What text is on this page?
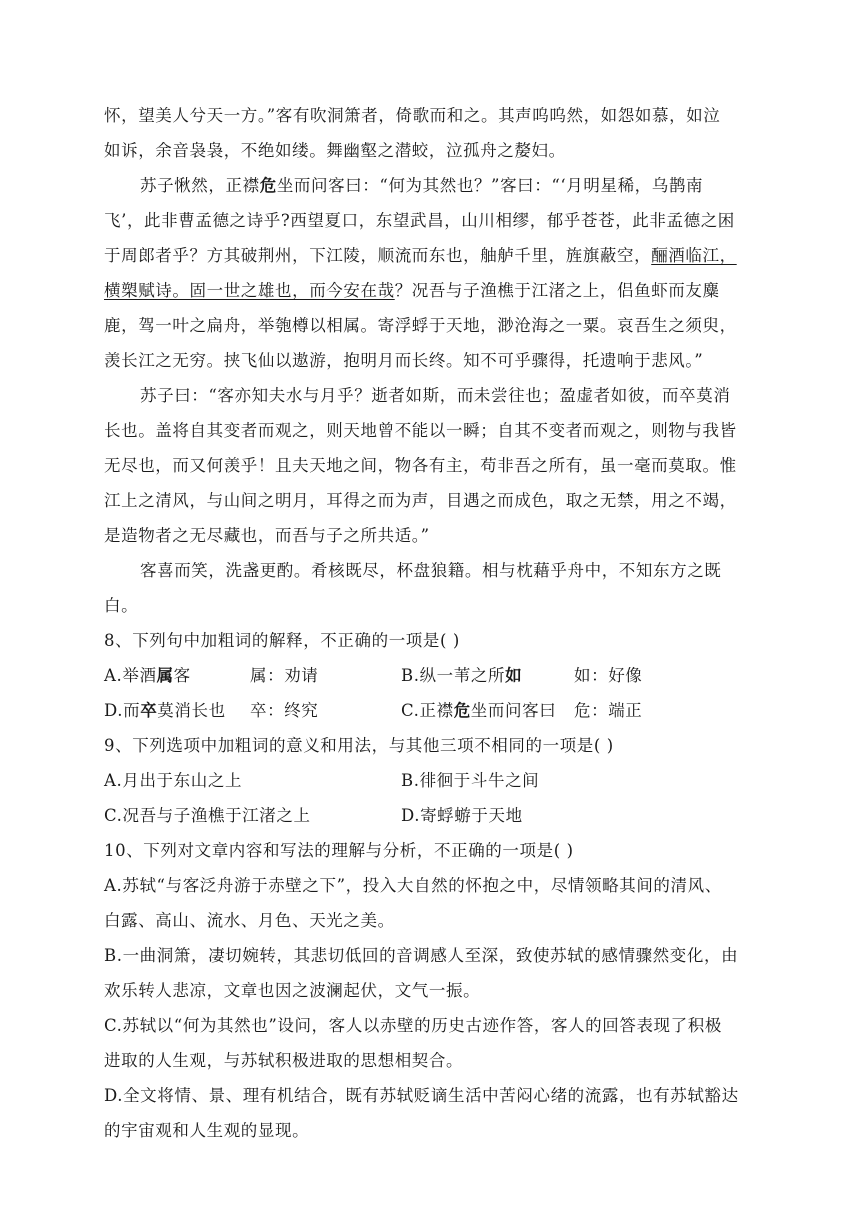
怀，望美人兮天一方。”客有吹洞箫者，倚歌而和之。其声呜呜然，如怨如慕，如泣
如诉，余音袅袅，不绝如缕。舞幽壑之潜蛟，泣孤舟之嫠妇。
苏子愀然，正襟危坐而问客曰：“何为其然也？”客曰：“‘月明星稀，乌鹊南
飞’，此非曹孟德之诗乎?西望夏口，东望武昌，山川相缪，郁乎苍苍，此非孟德之困
于周郎者乎？方其破荆州，下江陵，顺流而东也，舳舻千里，旌旗蔽空，酾酒临江，
横槊赋诗。固一世之雄也，而今安在哉？况吾与子渔樵于江渚之上，侣鱼虾而友麋
鹿，驾一叶之扁舟，举匏樽以相属。寄浮蜉于天地，渺沧海之一粟。哀吾生之须臾，
羡长江之无穷。挟飞仙以遨游，抱明月而长终。知不可乎骤得，托遗响于悲风。”
苏子曰：“客亦知夫水与月乎？逝者如斯，而未尝往也；盈虚者如彼，而卒莫消
长也。盖将自其变者而观之，则天地曾不能以一瞬；自其不变者而观之，则物与我皆
无尽也，而又何羡乎！且夫天地之间，物各有主，苟非吾之所有，虽一毫而莫取。惟
江上之清风，与山间之明月，耳得之而为声，目遇之而成色，取之无禁，用之不竭，
是造物者之无尽藏也，而吾与子之所共适。”
客喜而笑，洗盏更酌。肴核既尽，杯盘狼籍。相与枕藉乎舟中，不知东方之既
白。
8、下列句中加粗词的解释，不正确的一项是( )
A.举酒属客	属：劝请	B.纵一苇之所如	如：好像
D.而卒莫消长也 卒：终究	C.正襟危坐而问客曰 危：端正
9、下列选项中加粗词的意义和用法，与其他三项不相同的一项是( )
A.月出于东山之上	B.徘徊于斗牛之间
C.况吾与子渔樵于江渚之上	D.寄蜉蝣于天地
10、下列对文章内容和写法的理解与分析，不正确的一项是( )
A.苏轼“与客泛舟游于赤壁之下”，投入大自然的怀抱之中，尽情领略其间的清风、
白露、高山、流水、月色、天光之美。
B.一曲洞箫，凄切婉转，其悲切低回的音调感人至深，致使苏轼的感情骤然变化，由
欢乐转人悲凉，文章也因之波澜起伏，文气一振。
C.苏轼以“何为其然也”设问，客人以赤壁的历史古迹作答，客人的回答表现了积极
进取的人生观，与苏轼积极进取的思想相契合。
D.全文将情、景、理有机结合，既有苏轼贬谪生活中苦闷心绪的流露，也有苏轼豁达
的宇宙观和人生观的显现。
